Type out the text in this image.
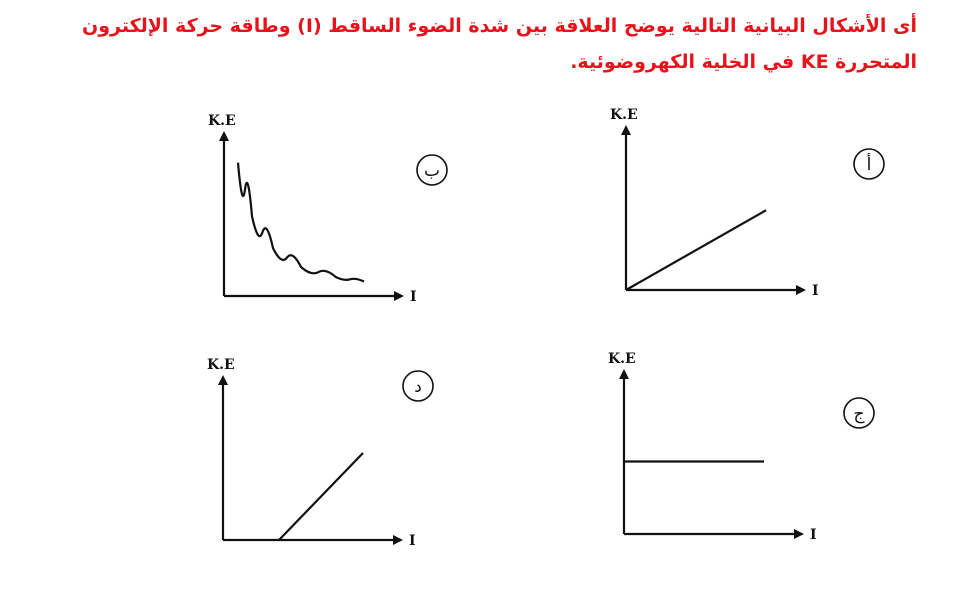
أى الأشكال البيانية التالية يوضح العلاقة بين شدة الضوء الساقط (I) وطاقة حركة الإلكترون
المتحررة KE في الخلية الكهروضوئية.
K.E
I
أ
K.E
I
ب
K.E
I
ج
K.E
I
د
